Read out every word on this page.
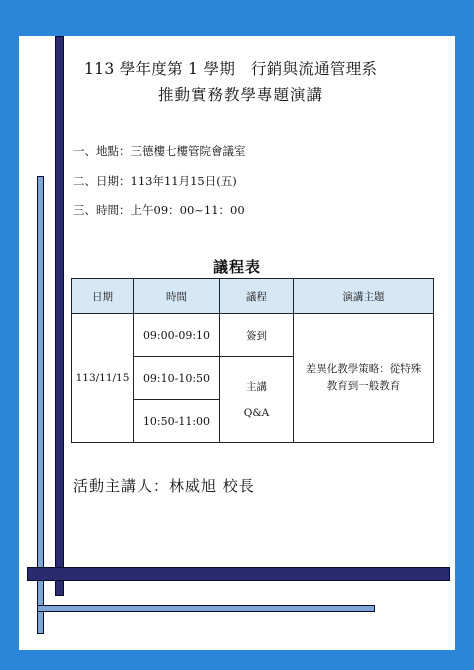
113 學年度第 1 學期　行銷與流通管理系
推動實務教學專題演講
一、地點：三德樓七樓管院會議室
二、日期：113年11月15日(五)
三、時間：上午09：00~11：00
議程表
日期	時間	議程	演講主題
113/11/15	09:00-09:10	簽到	差異化教學策略：從特殊
教育到一般教育
	09:10-10:50	主講
Q&A	
	10:50-11:00		
活動主講人：林威旭 校長
